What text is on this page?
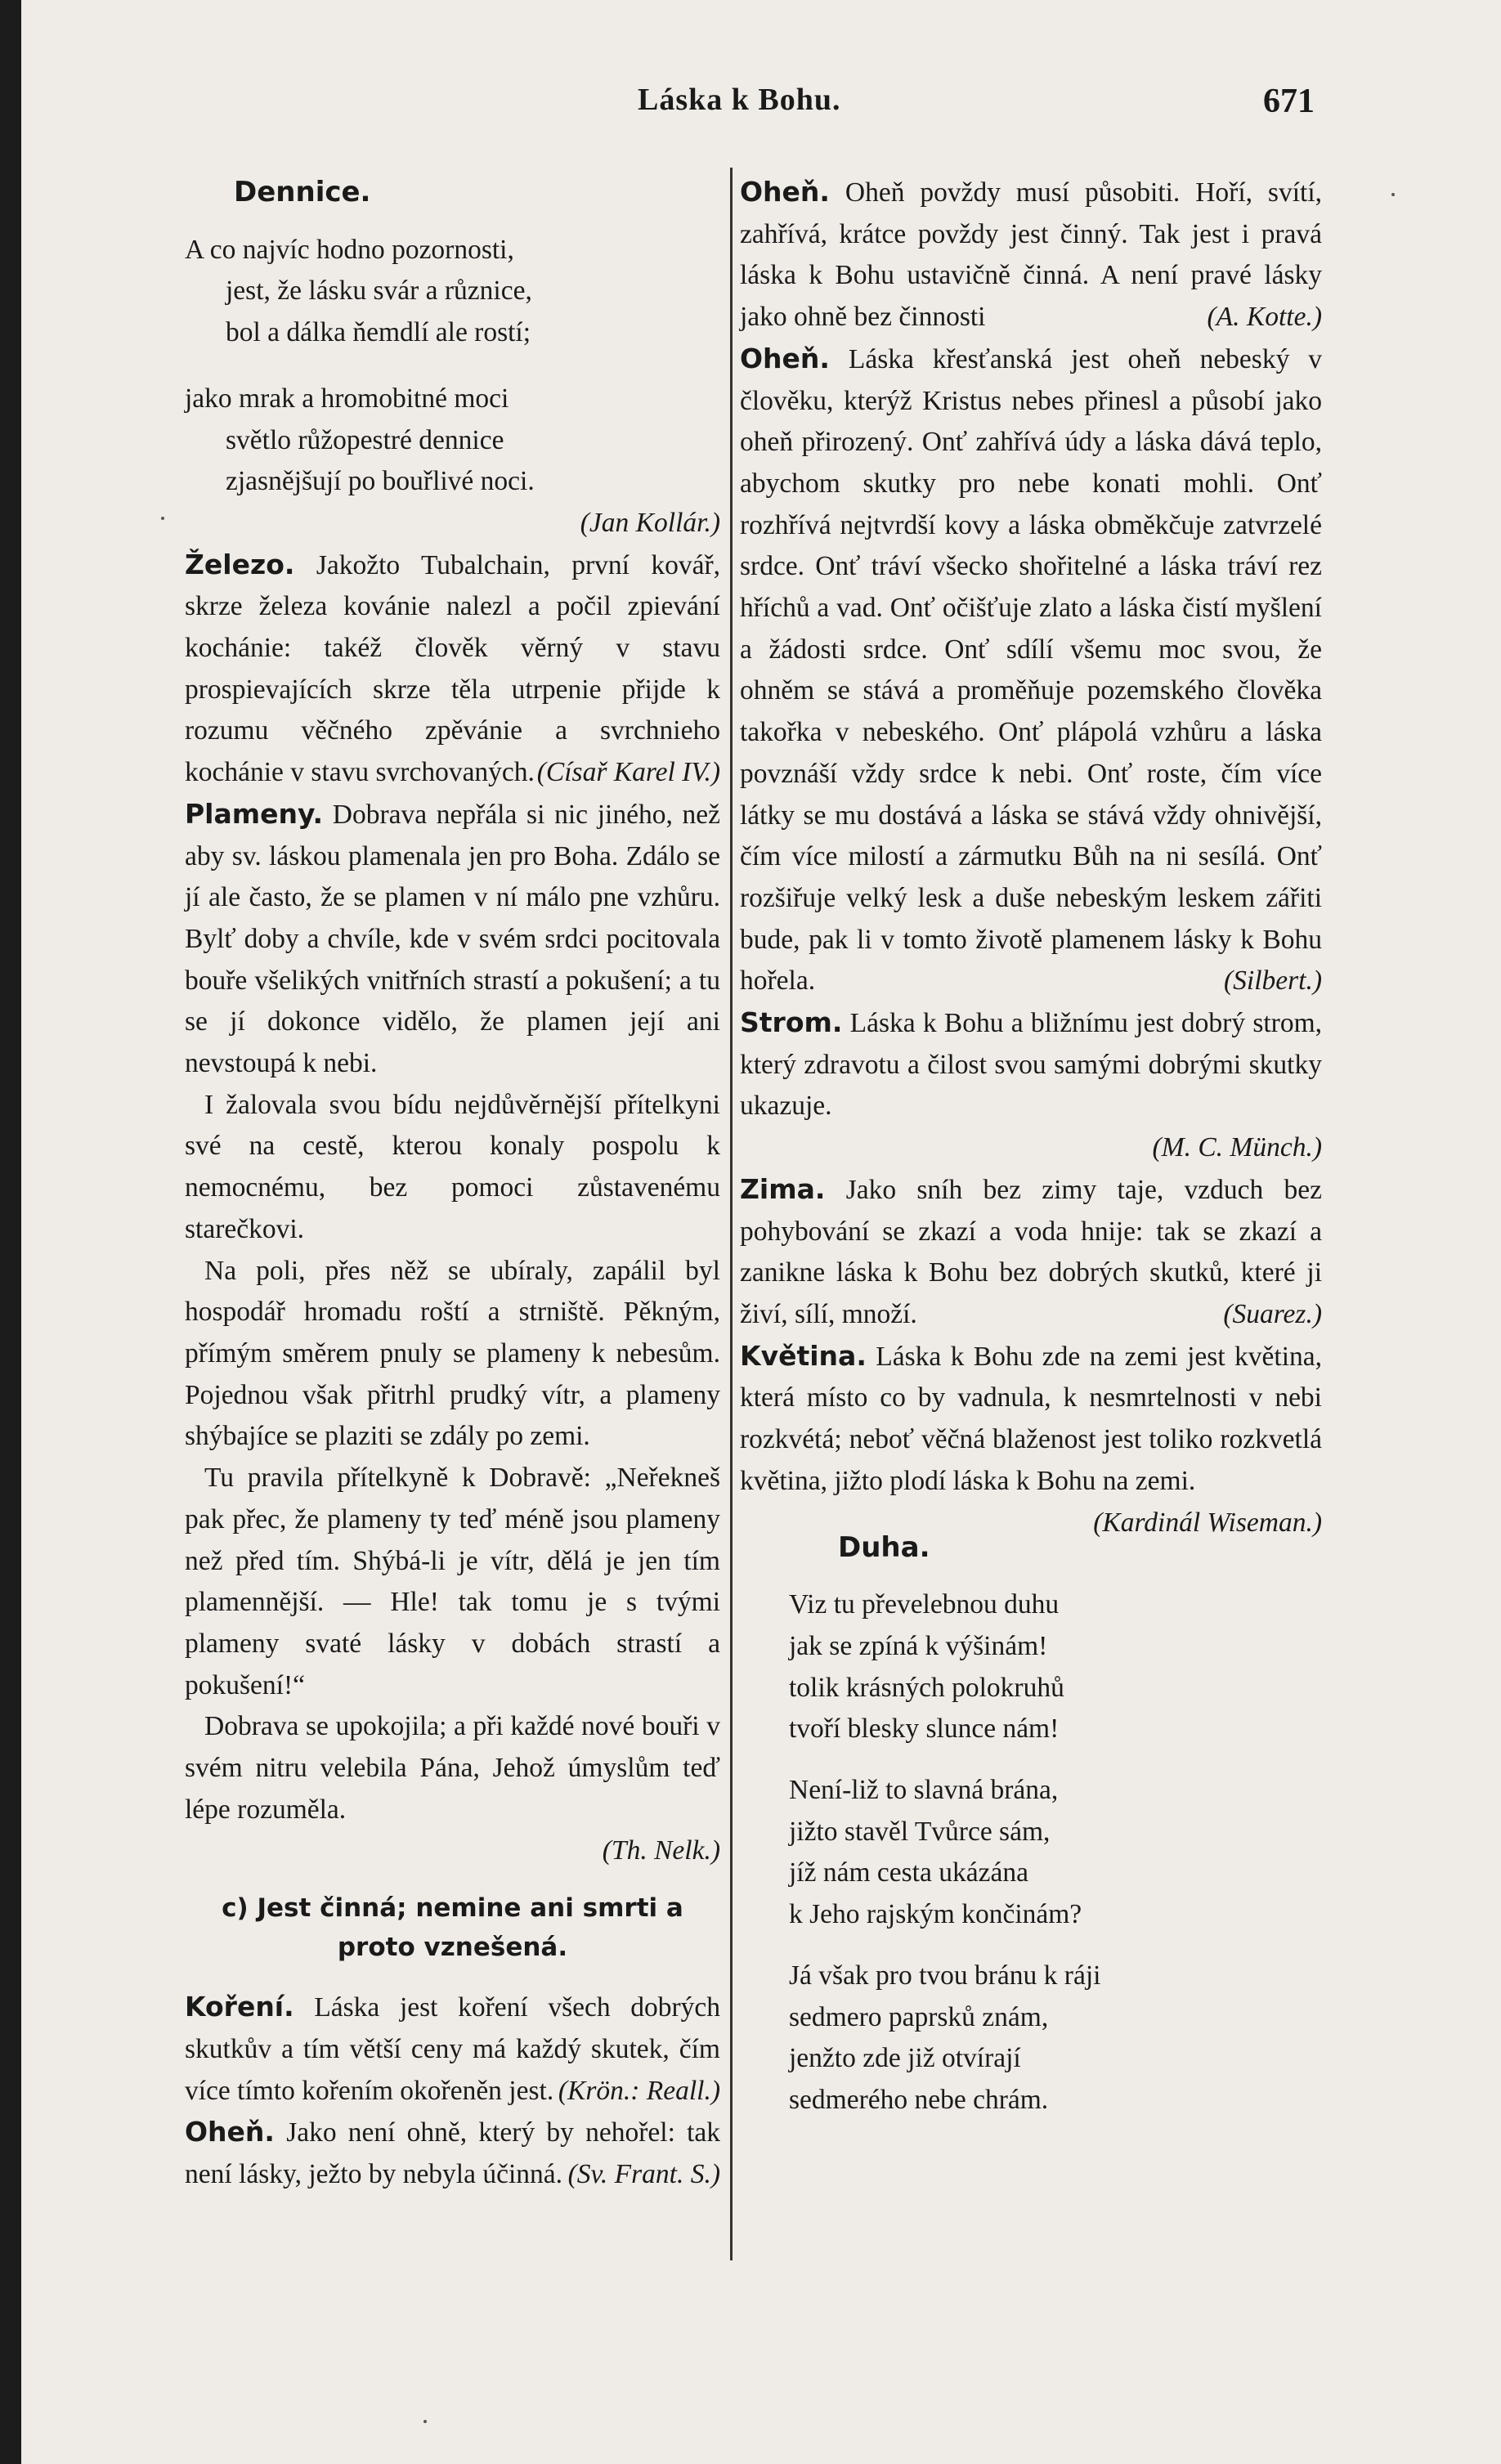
Láska k Bohu.	671
Dennice.
A co najvíc hodno pozornosti,
jest, že lásku svár a různice,
bol a dálka ňemdlí ale rostí;
jako mrak a hromobitné moci
světlo růžopestré dennice
zjasnějšují po bouřlivé noci.
(Jan Kollár.)

Železo. Jakožto Tubalchain, první kovář, skrze železa kovánie nalezl a počil zpievání kochánie: takéž člověk věrný v stavu prospievajících skrze těla utrpenie přijde k rozumu věčného zpěvánie a svrchnieho kochánie v stavu svrchovaných. (Císař Karel IV.)

Plameny. Dobrava nepřála si nic jiného, než aby sv. láskou plamenala jen pro Boha. Zdálo se jí ale často, že se plamen v ní málo pne vzhůru. Bylť doby a chvíle, kde v svém srdci pocitovala bouře všelikých vnitřních strastí a pokušení; a tu se jí dokonce vidělo, že plamen její ani nevstoupá k nebi.

I žalovala svou bídu nejdůvěrnější přítelkyni své na cestě, kterou konaly pospolu k nemocnému, bez pomoci zůstavenému starečkovi.

Na poli, přes něž se ubíraly, zapálil byl hospodář hromadu roští a strniště. Pěkným, přímým směrem pnuly se plameny k nebesům. Pojednou však přitrhl prudký vítr, a plameny shýbajíce se plaziti se zdály po zemi.

Tu pravila přítelkyně k Dobravě: „Neřekneš pak přec, že plameny ty teď méně jsou plameny než před tím. Shýbá-li je vítr, dělá je jen tím plamennější. — Hle! tak tomu je s tvými plameny svaté lásky v dobách strastí a pokušení!“

Dobrava se upokojila; a při každé nové bouři v svém nitru velebila Pána, Jehož úmyslům teď lépe rozuměla.

(Th. Nelk.)
c) Jest činná; nemine ani smrti a proto vznešená.

Koření. Láska jest koření všech dobrých skutkův a tím větší ceny má každý skutek, čím více tímto kořením okořeněn jest. (Krön.: Reall.)

Oheň. Jako není ohně, který by nehořel: tak není lásky, ježto by nebyla účinná. (Sv. Frant. S.)

Oheň. Oheň povždy musí působiti. Hoří, svítí, zahřívá, krátce povždy jest činný. Tak jest i pravá láska k Bohu ustavičně činná. A není pravé lásky jako ohně bez činnosti	(A. Kotte.)

Oheň. Láska křesťanská jest oheň nebeský v člověku, kterýž Kristus nebes přinesl a působí jako oheň přirozený. Onť zahřívá údy a láska dává teplo, abychom skutky pro nebe konati mohli. Onť rozhřívá nejtvrdší kovy a láska obměkčuje zatvrzelé srdce. Onť tráví všecko shořitelné a láska tráví rez hříchů a vad. Onť očišťuje zlato a láska čistí myšlení a žádosti srdce. Onť sdílí všemu moc svou, že ohněm se stává a proměňuje pozemského člověka takořka v nebeského. Onť plápolá vzhůru a láska povznáší vždy srdce k nebi. Onť roste, čím více látky se mu dostává a láska se stává vždy ohnivější, čím více milostí a zármutku Bůh na ni sesílá. Onť rozšiřuje velký lesk a duše nebeským leskem zářiti bude, pak li v tomto životě plamenem lásky k Bohu hořela.	(Silbert.)

Strom. Láska k Bohu a bližnímu jest dobrý strom, který zdravotu a čilost svou samými dobrými skutky ukazuje.

(M. C. Münch.)

Zima. Jako sníh bez zimy taje, vzduch bez pohybování se zkazí a voda hnije: tak se zkazí a zanikne láska k Bohu bez dobrých skutků, které ji živí, sílí, množí.	(Suarez.)

Květina. Láska k Bohu zde na zemi jest květina, která místo co by vadnula, k nesmrtelnosti v nebi rozkvétá; neboť věčná blaženost jest toliko rozkvetlá květina, jižto plodí láska k Bohu na zemi.
(Kardinál Wiseman.)

Duha.
Viz tu převelebnou duhu
jak se zpíná k výšinám!
tolik krásných polokruhů
tvoří blesky slunce nám!
Není-liž to slavná brána,
jižto stavěl Tvůrce sám,
jíž nám cesta ukázána
k Jeho rajským končinám?
Já však pro tvou bránu k ráji
sedmero paprsků znám,
jenžto zde již otvírají
sedmerého nebe chrám.
